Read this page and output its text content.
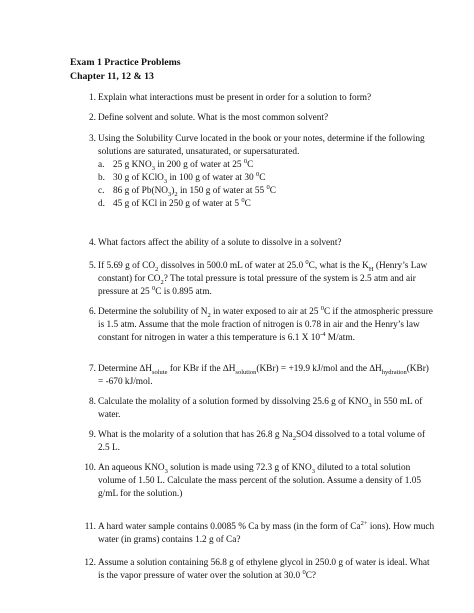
Exam 1 Practice Problems
Chapter 11, 12 & 13
1. Explain what interactions must be present in order for a solution to form?
2. Define solvent and solute. What is the most common solvent?
3. Using the Solubility Curve located in the book or your notes, determine if the following solutions are saturated, unsaturated, or supersaturated.
a. 25 g $KNO_3$ in 200 g of water at 25 $^0$C
b. 30 g of KClO$_3$ in 100 g of water at 30 $^0$C
c. 86 g of $Pb(NO_3)_2$ in 150 g of water at 55 $^0$C
d. 45 g of KCl in 250 g of water at 5 $^0$C
4. What factors affect the ability of a solute to dissolve in a solvent?
5. If 5.69 g of $CO_2$ dissolves in 500.0 mL of water at 25.0 $^0$C, what is the $K_H$ (Henry’s Law constant) for $CO_2$? The total pressure is total pressure of the system is 2.5 atm and air pressure at 25 $^0$C is 0.895 atm.
6. Determine the solubility of $N_2$ in water exposed to air at 25 $^0$C if the atmospheric pressure is 1.5 atm. Assume that the mole fraction of nitrogen is 0.78 in air and the Henry’s law constant for nitrogen in water a this temperature is 6.1 X $10^{-4}$ M/atm.
7. Determine $\Delta H_{solute}$ for KBr if the $\Delta H_{solution}(KBr) = +19.9$ kJ/mol and the $\Delta H_{hydration}(KBr) = -670$ kJ/mol.
8. Calculate the molality of a solution formed by dissolving 25.6 g of $KNO_3$ in 550 mL of water.
9. What is the molarity of a solution that has 26.8 g $Na_2SO4$ dissolved to a total volume of 2.5 L.
10. An aqueous $KNO_3$ solution is made using 72.3 g of $KNO_3$ diluted to a total solution volume of 1.50 L. Calculate the mass percent of the solution. Assume a density of 1.05 g/mL for the solution.)
11. A hard water sample contains 0.0085 % Ca by mass (in the form of $Ca^{2+}$ ions). How much water (in grams) contains 1.2 g of Ca?
12. Assume a solution containing 56.8 g of ethylene glycol in 250.0 g of water is ideal. What is the vapor pressure of water over the solution at 30.0 $^0$C?
